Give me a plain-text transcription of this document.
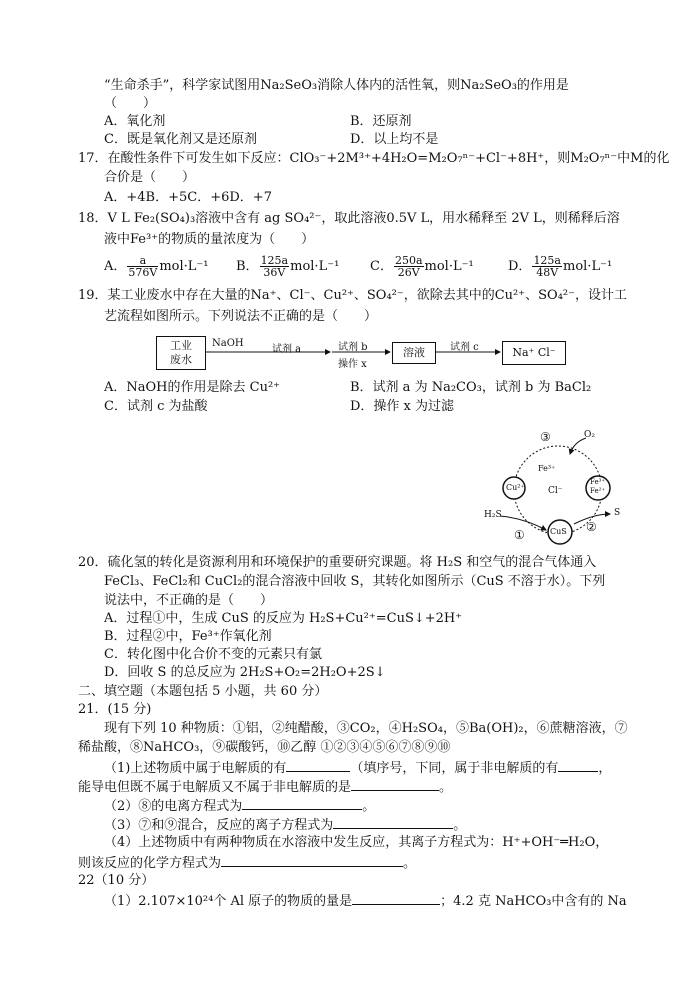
“生命杀手”，科学家试图用Na₂SeO₃消除人体内的活性氧，则Na₂SeO₃的作用是
（　　）
A．氧化剂	B．还原剂
C．既是氧化剂又是还原剂	D．以上均不是
17．在酸性条件下可发生如下反应：ClO₃⁻+2M³⁺+4H₂O=M₂O₇ⁿ⁻+Cl⁻+8H⁺，则M₂O₇ⁿ⁻中M的化
合价是（　　）
A．+4B．+5C．+6D．+7
18．V L Fe₂(SO₄)₃溶液中含有 ag SO₄²⁻，取此溶液0.5V L，用水稀释至 2V L，则稀释后溶
液中Fe³⁺的物质的量浓度为（　　）
A． $\frac{a}{576V} mol\cdot L^{-1}$ B． $\frac{125a}{36V} mol\cdot L^{-1}$ C． $\frac{250a}{26V} mol\cdot L^{-1}$	D． $\frac{125a}{48V} mol\cdot L^{-1}$
19．某工业废水中存在大量的Na⁺、Cl⁻、Cu²⁺、SO₄²⁻，欲除去其中的Cu²⁺、SO₄²⁻，设计工
艺流程如图所示。下列说法不正确的是（　　）
工业
废水
NaOH
试剂 a	试剂 b
操作 x
溶液	试剂 c	Na⁺ Cl⁻
A．NaOH的作用是除去 Cu²⁺	B．试剂 a 为 Na₂CO₃，试剂 b 为 BaCl₂
C．试剂 c 为盐酸	D．操作 x 为过滤
③	O₂
Fe³⁺
Cu²⁺	Cl⁻
Fe³⁺
Fe²⁺
H₂S
CuS ②
S
①
20．硫化氢的转化是资源利用和环境保护的重要研究课题。将 H₂S 和空气的混合气体通入
FeCl₃、FeCl₂和 CuCl₂的混合溶液中回收 S，其转化如图所示（CuS 不溶于水）。下列
说法中，不正确的是（　　）
A．过程①中，生成 CuS 的反应为 H₂S+Cu²⁺=CuS↓+2H⁺
B．过程②中，Fe³⁺作氧化剂
C．转化图中化合价不变的元素只有氯
D．回收 S 的总反应为 2H₂S+O₂=2H₂O+2S↓
二、填空题（本题包括 5 小题，共 60 分）
21．(15 分)
现有下列 10 种物质：①铝，②纯醋酸，③CO₂，④H₂SO₄，⑤Ba(OH)₂，⑥蔗糖溶液，⑦
稀盐酸，⑧NaHCO₃，⑨碳酸钙，⑩乙醇 ①②③④⑤⑥⑦⑧⑨⑩
（1)上述物质中属于电解质的有	（填序号，下同，属于非电解质的有	，
能导电但既不属于电解质又不属于非电解质的是	。
（2）⑧的电离方程式为	。
（3）⑦和⑨混合，反应的离子方程式为	。
（4）上述物质中有两种物质在水溶液中发生反应，其离子方程式为：H⁺+OH⁻═H₂O，
则该反应的化学方程式为	。
22（10 分）
（1）2.107×10²⁴个 Al 原子的物质的量是	；4.2 克 NaHCO₃中含有的 Na
